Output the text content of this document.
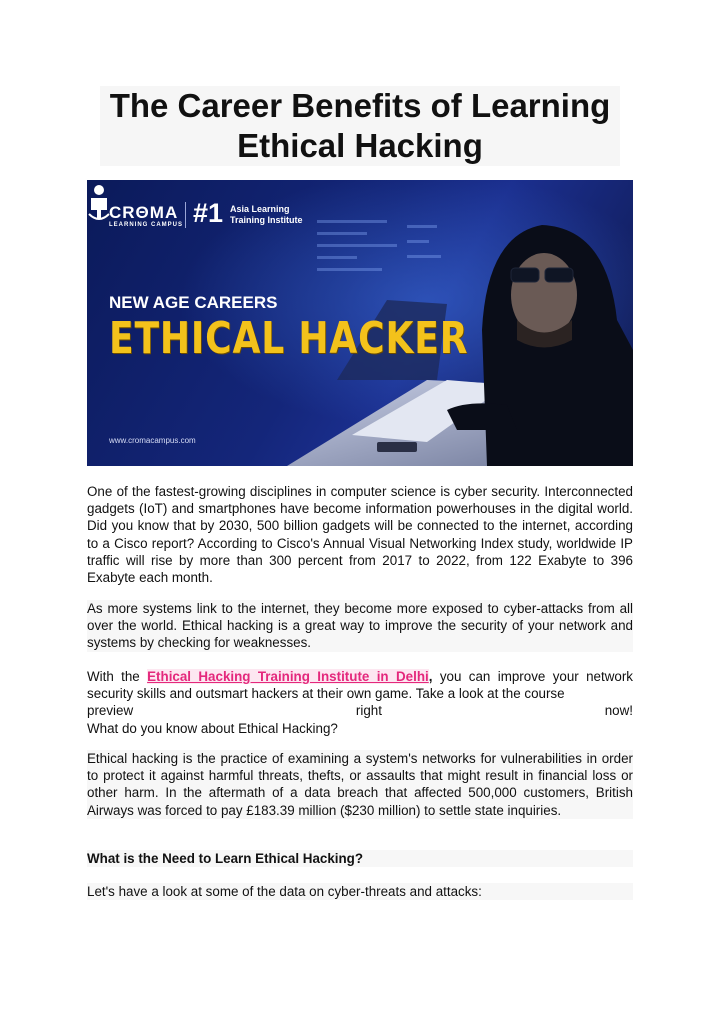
The Career Benefits of Learning
Ethical Hacking
CRΘMA
LEARNING CAMPUS #1 Asia Learning
Training Institute
NEW AGE CAREERS
ETHICAL HACKER
www.cromacampus.com

One of the fastest-growing disciplines in computer science is cyber security. Interconnected gadgets (IoT) and smartphones have become information powerhouses in the digital world. Did you know that by 2030, 500 billion gadgets will be connected to the internet, according to a Cisco report? According to Cisco's Annual Visual Networking Index study, worldwide IP traffic will rise by more than 300 percent from 2017 to 2022, from 122 Exabyte to 396 Exabyte each month.

As more systems link to the internet, they become more exposed to cyber-attacks from all over the world. Ethical hacking is a great way to improve the security of your network and systems by checking for weaknesses.

With the Ethical Hacking Training Institute in Delhi, you can improve your network security skills and outsmart hackers at their own game. Take a look at the course
preview	right	now!
What do you know about Ethical Hacking?

Ethical hacking is the practice of examining a system's networks for vulnerabilities in order to protect it against harmful threats, thefts, or assaults that might result in financial loss or other harm. In the aftermath of a data breach that affected 500,000 customers, British Airways was forced to pay £183.39 million ($230 million) to settle state inquiries.

What is the Need to Learn Ethical Hacking?

Let's have a look at some of the data on cyber-threats and attacks:
